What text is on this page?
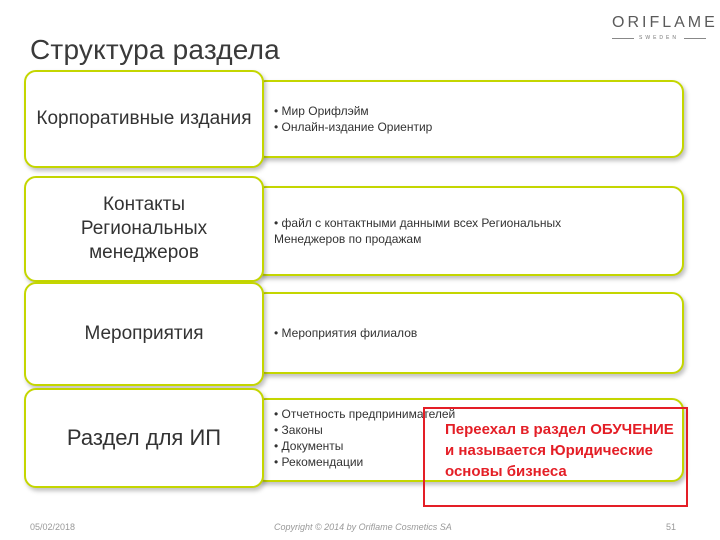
Структура раздела
ORIFLAME
SWEDEN
• Мир Орифлэйм
• Онлайн-издание Ориентир
Корпоративные издания
• файл с контактными данными всех Региональных Менеджеров по продажам
Контакты Региональных менеджеров
• Мероприятия филиалов
Мероприятия
• Отчетность предпринимателей
• Законы
• Документы
• Рекомендации
Раздел для ИП	Переехал в раздел ОБУЧЕНИЕ и называется Юридические основы бизнеса
05/02/2018	Copyright © 2014 by Oriflame Cosmetics SA	51
